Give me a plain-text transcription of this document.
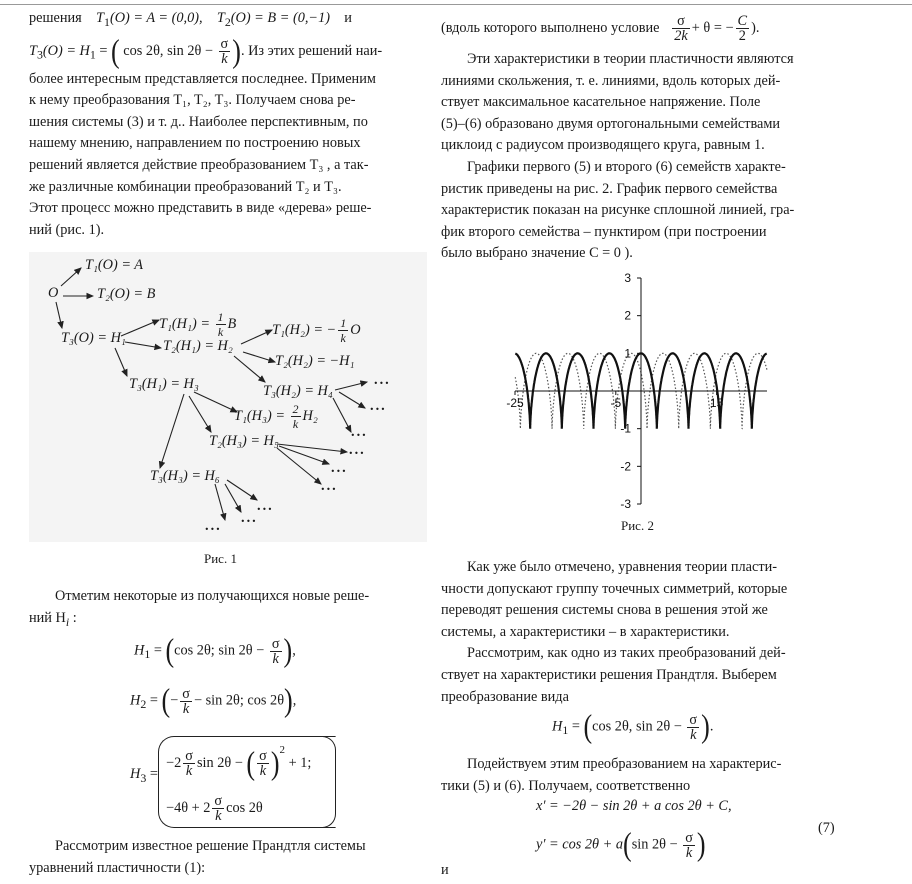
решения $T_1(O) = A = (0,0)$, $T_2(O) = B = (0,-1)$ и

$T_3(O) = H_1$ = ( cos 2θ, $\sin 2\theta - \frac{\sigma}{k}$ ). Из этих решений наи-

более интересным представляется последнее. Применим
к нему преобразования T₁, T₂, T₃. Получаем снова ре-
шения системы (3) и т. д.. Наиболее перспективным, по
нашему мнению, направлением по построению новых
решений является действие преобразованием T₃ , а так-
же различные комбинации преобразований T₂ и T₃.
Этот процесс можно представить в виде «дерева» реше-
ний (рис. 1).

O
T₁(O) = A
T₂(O) = B
T₃(O) = H₁
$T_1(H_1) = \frac{1}{k}$ B
T₂(H₁) = H₂
T₁(H₂) = − $\frac{1}{k}$ O
T₂(H₂) = −H₁
T₃(H₁) = H₃	T₃(H₂) = H₄
$T_1(H_3) = \frac{2}{k} H_2$
T₂(H₃) = H₅
T₃(H₃) = H₆
...
...
...
...
...
...
...
...
...
Рис. 1

Отметим некоторые из получающихся новые реше-

ний $H_i$ :

$H_1 = (\cos$ 2θ; $\sin 2\theta - \frac{\sigma}{k}$ ),
$H_2$ = (− $\frac{\sigma}{k} - \sin 2\theta$; cos 2θ),
$H_3$ =
$-2 \frac{\sigma}{k}$ sin 2θ − ( $\frac{\sigma}{k} )^2 + 1$;
$-4\theta + 2 \frac{\sigma}{k}$ cos 2θ

Рассмотрим известное решение Прандтля системы

уравнений пластичности (1):

(вдоль которого выполнено условие $\frac{\sigma}{2k} + \theta$ = − $\frac{C}{2}$ ).

Эти характеристики в теории пластичности являются

линиями скольжения, т. е. линиями, вдоль которых дей-

ствует максимальное касательное напряжение. Поле

(5)–(6) образовано двумя ортогональными семействами

циклоид с радиусом производящего круга, равным 1.

Графики первого (5) и второго (6) семейств характе-

ристик приведены на рис. 2. График первого семейства

характеристик показан на рисунке сплошной линией, гра-

фик второго семейства – пунктиром (при построении

было выбрано значение C = 0 ).

3
2
1
-1
-2
-3
-25	-5	15
Рис. 2

Как уже было отмечено, уравнения теории пласти-

чности допускают группу точечных симметрий, которые

переводят решения системы снова в решения этой же

системы, а характеристики – в характеристики.

Рассмотрим, как одно из таких преобразований дей-

ствует на характеристики решения Прандтля. Выберем

преобразование вида

$H_1 = (\cos$ 2θ, $\sin 2\theta - \frac{\sigma}{k}$ ).

Подействуем этим преобразованием на характерис-

тики (5) и (6). Получаем, соответственно

x′ = −2θ − sin 2θ + a cos 2θ + C,
y′ = cos 2θ + a(sin $2\theta - \frac{\sigma}{k}$ )	(7)
и
